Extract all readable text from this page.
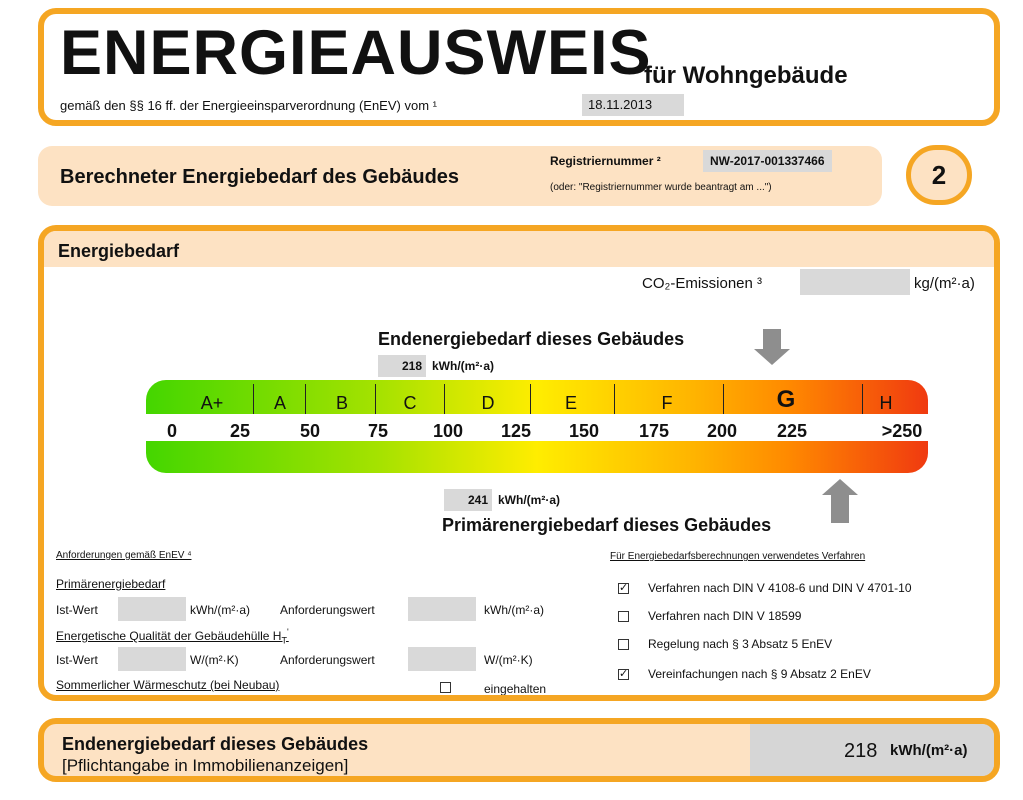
ENERGIEAUSWEIS
für Wohngebäude
gemäß den §§ 16 ff. der Energieeinsparverordnung (EnEV) vom ¹	18.11.2013
Berechneter Energiebedarf des Gebäudes
Registriernummer ²	NW-2017-001337466
(oder: "Registriernummer wurde beantragt am ...")	2
Energiebedarf
CO₂-Emissionen ³	kg/(m²·a)
Endenergiebedarf dieses Gebäudes
218 kWh/(m²·a)
A+	A	B	C	D	E	F	G	H
0	25	50	75 100 125 150 175 200 225	>250
241 kWh/(m²·a)
Primärenergiebedarf dieses Gebäudes
Anforderungen gemäß EnEV ⁴
Primärenergiebedarf
Ist-Wert	kWh/(m²·a)	Anforderungswert	kWh/(m²·a)
Energetische Qualität der Gebäudehülle $H_T'$
Ist-Wert	W/(m²·K)	Anforderungswert	W/(m²·K)
Sommerlicher Wärmeschutz (bei Neubau)	eingehalten
Für Energiebedarfsberechnungen verwendetes Verfahren
✓ Verfahren nach DIN V 4108-6 und DIN V 4701-10
Verfahren nach DIN V 18599
Regelung nach § 3 Absatz 5 EnEV
✓ Vereinfachungen nach § 9 Absatz 2 EnEV
Endenergiebedarf dieses Gebäudes
[Pflichtangabe in Immobilienanzeigen]
218 kWh/(m²·a)
